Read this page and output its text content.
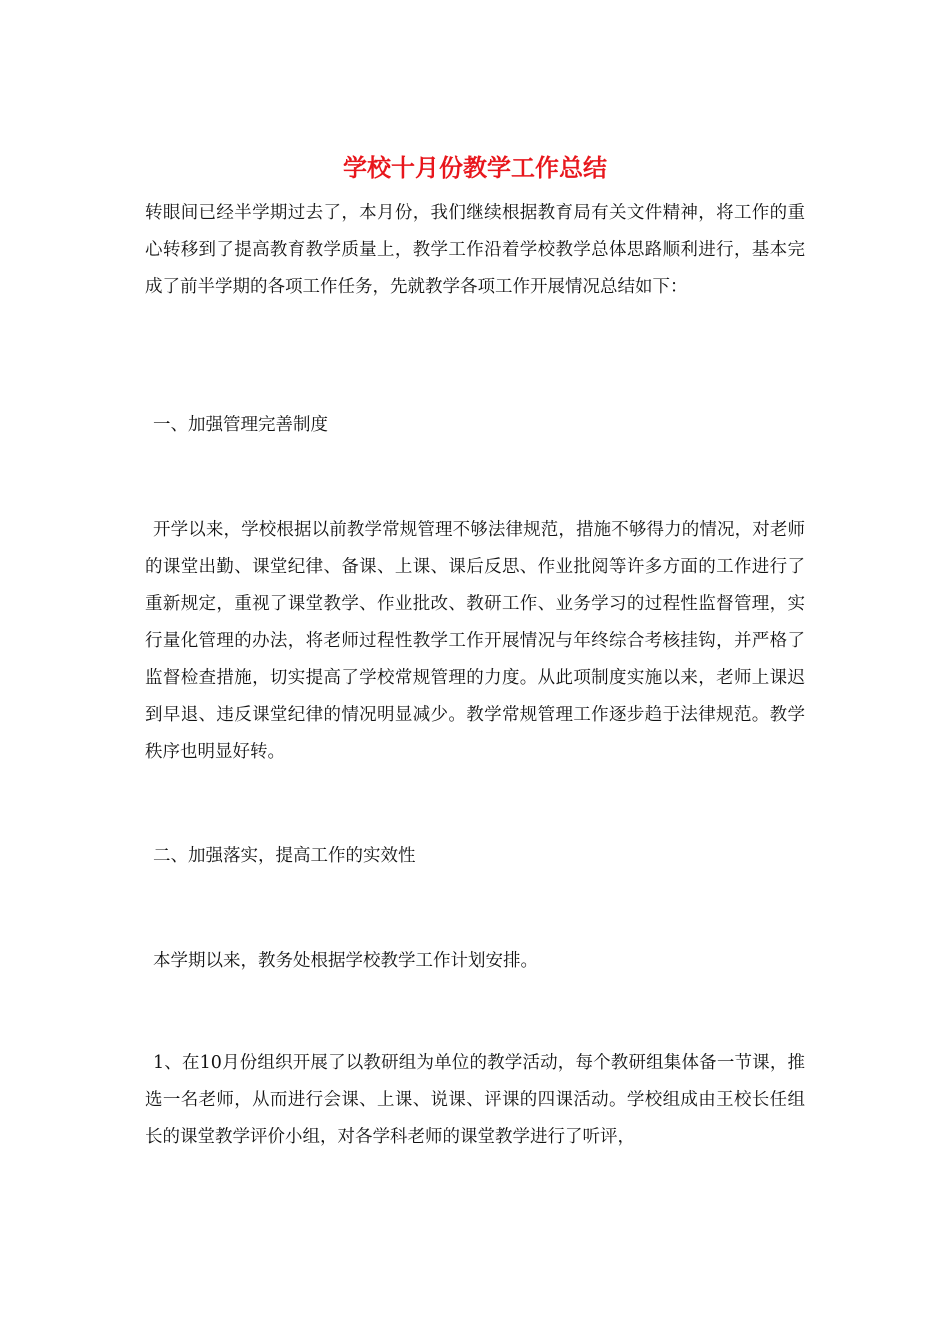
学校十月份教学工作总结

转眼间已经半学期过去了，本月份，我们继续根据教育局有关文件精神，将工作的重心转移到了提高教育教学质量上，教学工作沿着学校教学总体思路顺利进行，基本完成了前半学期的各项工作任务，先就教学各项工作开展情况总结如下：

一、加强管理完善制度

开学以来，学校根据以前教学常规管理不够法律规范，措施不够得力的情况，对老师的课堂出勤、课堂纪律、备课、上课、课后反思、作业批阅等许多方面的工作进行了重新规定，重视了课堂教学、作业批改、教研工作、业务学习的过程性监督管理，实行量化管理的办法，将老师过程性教学工作开展情况与年终综合考核挂钩，并严格了监督检查措施，切实提高了学校常规管理的力度。从此项制度实施以来，老师上课迟到早退、违反课堂纪律的情况明显减少。教学常规管理工作逐步趋于法律规范。教学秩序也明显好转。

二、加强落实，提高工作的实效性

本学期以来，教务处根据学校教学工作计划安排。

1、在10月份组织开展了以教研组为单位的教学活动，每个教研组集体备一节课，推选一名老师，从而进行会课、上课、说课、评课的四课活动。学校组成由王校长任组长的课堂教学评价小组，对各学科老师的课堂教学进行了听评，
